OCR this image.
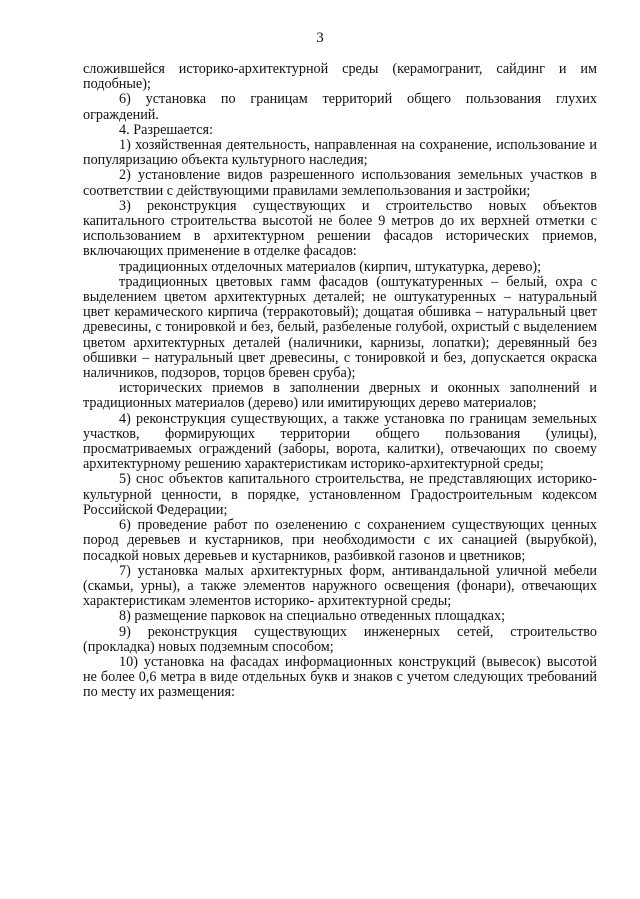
3

сложившейся историко-архитектурной среды (керамогранит, сайдинг и им подобные);

6) установка по границам территорий общего пользования глухих ограждений.

4. Разрешается:

1) хозяйственная деятельность, направленная на сохранение, использование и популяризацию объекта культурного наследия;

2) установление видов разрешенного использования земельных участков в соответствии с действующими правилами землепользования и застройки;

3) реконструкция существующих и строительство новых объектов капитального строительства высотой не более 9 метров до их верхней отметки с использованием в архитектурном решении фасадов исторических приемов, включающих применение в отделке фасадов:

традиционных отделочных материалов (кирпич, штукатурка, дерево);

традиционных цветовых гамм фасадов (оштукатуренных – белый, охра с выделением цветом архитектурных деталей; не оштукатуренных – натуральный цвет керамического кирпича (терракотовый); дощатая обшивка – натуральный цвет древесины, с тонировкой и без, белый, разбеленые голубой, охристый с выделением цветом архитектурных деталей (наличники, карнизы, лопатки); деревянный без обшивки – натуральный цвет древесины, с тонировкой и без, допускается окраска наличников, подзоров, торцов бревен сруба);

исторических приемов в заполнении дверных и оконных заполнений и традиционных материалов (дерево) или имитирующих дерево материалов;

4) реконструкция существующих, а также установка по границам земельных участков, формирующих территории общего пользования (улицы), просматриваемых ограждений (заборы, ворота, калитки), отвечающих по своему архитектурному решению характеристикам историко-архитектурной среды;

5) снос объектов капитального строительства, не представляющих историко-культурной ценности, в порядке, установленном Градостроительным кодексом Российской Федерации;

6) проведение работ по озеленению с сохранением существующих ценных пород деревьев и кустарников, при необходимости с их санацией (вырубкой), посадкой новых деревьев и кустарников, разбивкой газонов и цветников;

7) установка малых архитектурных форм, антивандальной уличной мебели (скамьи, урны), а также элементов наружного освещения (фонари), отвечающих характеристикам элементов историко- архитектурной среды;

8) размещение парковок на специально отведенных площадках;

9) реконструкция существующих инженерных сетей, строительство (прокладка) новых подземным способом;

10) установка на фасадах информационных конструкций (вывесок) высотой не более 0,6 метра в виде отдельных букв и знаков с учетом следующих требований по месту их размещения:
